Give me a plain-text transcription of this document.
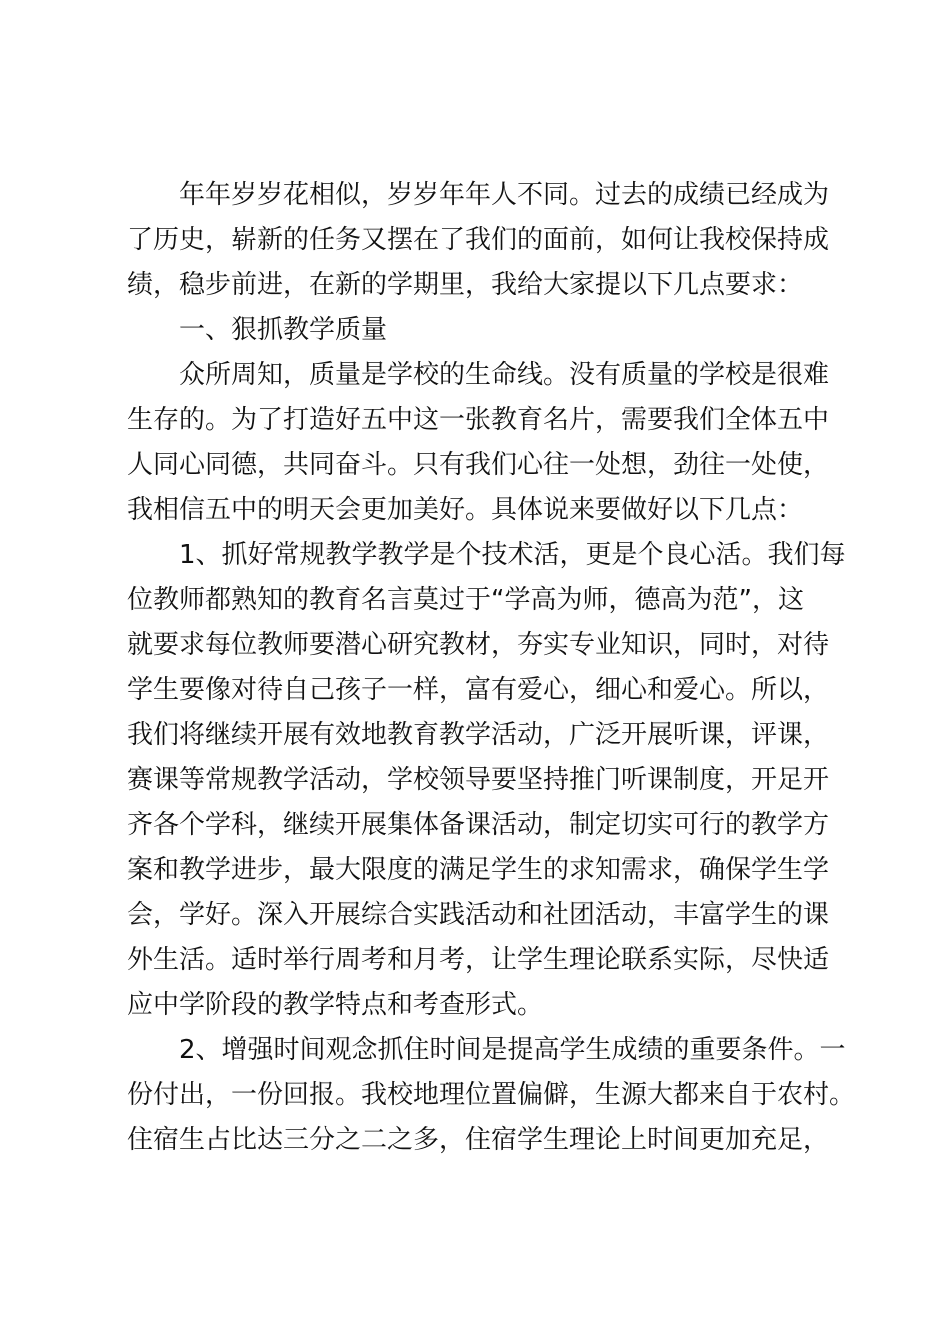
年年岁岁花相似，岁岁年年人不同。过去的成绩已经成为
了历史，崭新的任务又摆在了我们的面前，如何让我校保持成
绩，稳步前进，在新的学期里，我给大家提以下几点要求：
一、狠抓教学质量
众所周知，质量是学校的生命线。没有质量的学校是很难
生存的。为了打造好五中这一张教育名片，需要我们全体五中
人同心同德，共同奋斗。只有我们心往一处想，劲往一处使，
我相信五中的明天会更加美好。具体说来要做好以下几点：
1、抓好常规教学教学是个技术活，更是个良心活。我们每
位教师都熟知的教育名言莫过于“学高为师，德高为范”，这
就要求每位教师要潜心研究教材，夯实专业知识，同时，对待
学生要像对待自己孩子一样，富有爱心，细心和爱心。所以，
我们将继续开展有效地教育教学活动，广泛开展听课，评课，
赛课等常规教学活动，学校领导要坚持推门听课制度，开足开
齐各个学科，继续开展集体备课活动，制定切实可行的教学方
案和教学进步，最大限度的满足学生的求知需求，确保学生学
会，学好。深入开展综合实践活动和社团活动，丰富学生的课
外生活。适时举行周考和月考，让学生理论联系实际，尽快适
应中学阶段的教学特点和考查形式。
2、增强时间观念抓住时间是提高学生成绩的重要条件。一
份付出，一份回报。我校地理位置偏僻，生源大都来自于农村。
住宿生占比达三分之二之多，住宿学生理论上时间更加充足，
